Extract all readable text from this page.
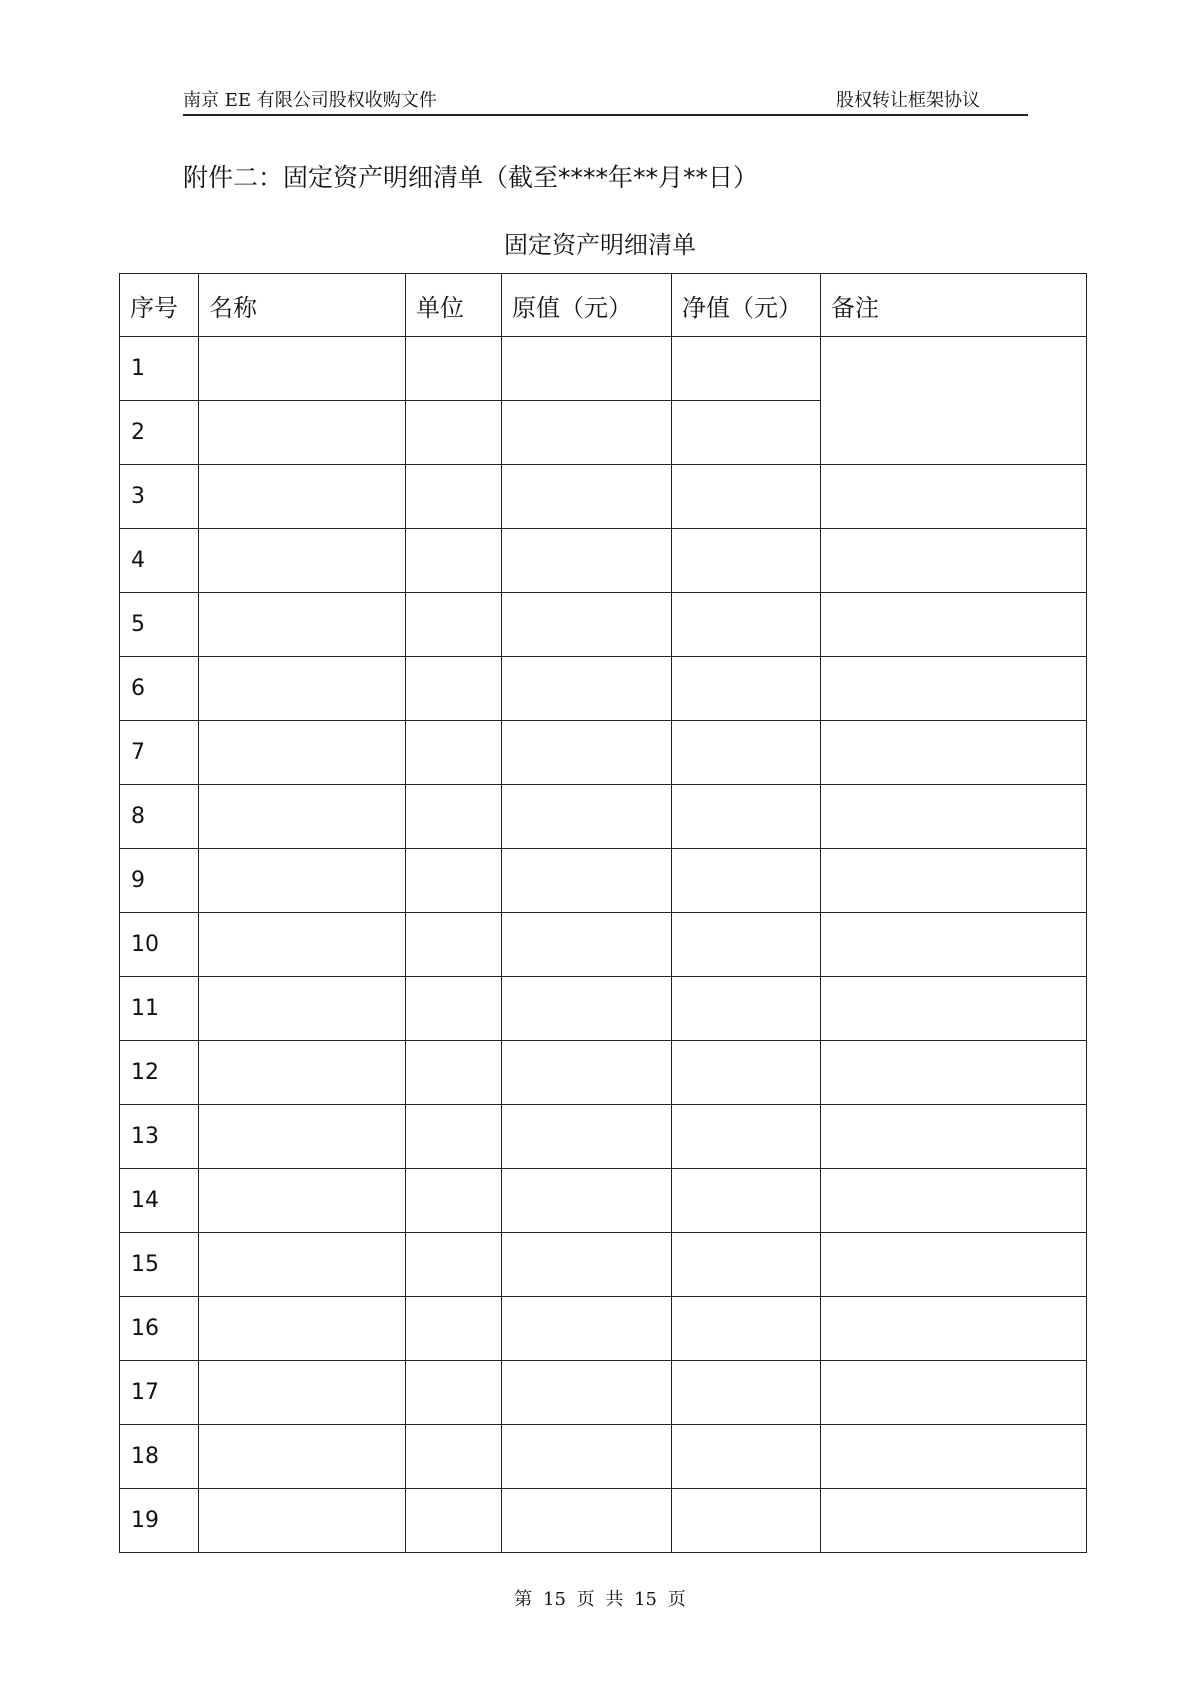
南京 EE 有限公司股权收购文件	股权转让框架协议
附件二：固定资产明细清单（截至****年**月**日）
固定资产明细清单
序号	名称	单位	原值（元）	净值（元）	备注
1					
2					
3					
4					
5					
6					
7					
8					
9					
10					
11					
12					
13					
14					
15					
16					
17					
18					
19					
第 15 页 共 15 页
